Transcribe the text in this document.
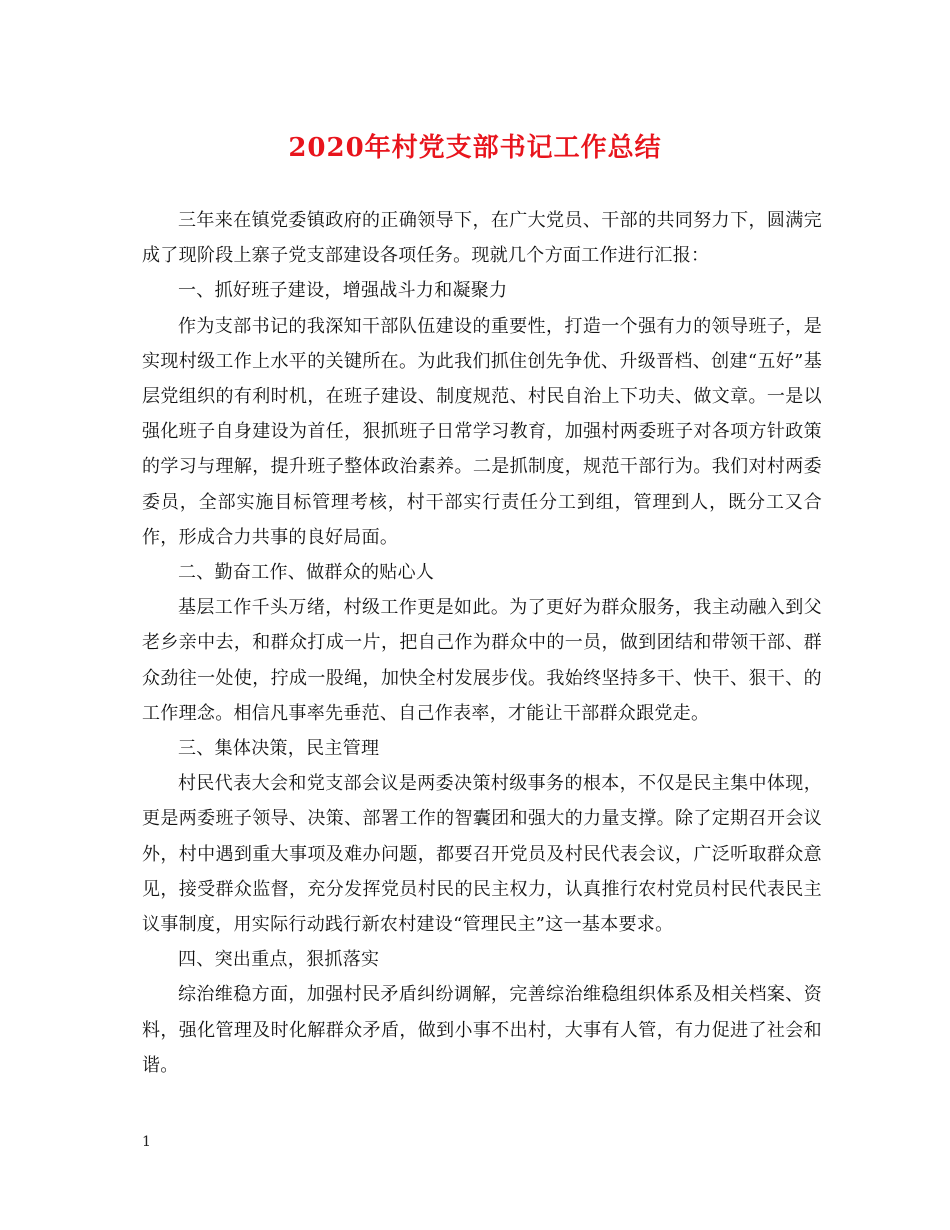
2020年村党支部书记工作总结

三年来在镇党委镇政府的正确领导下，在广大党员、干部的共同努力下，圆满完成了现阶段上寨子党支部建设各项任务。现就几个方面工作进行汇报：

一、抓好班子建设，增强战斗力和凝聚力

作为支部书记的我深知干部队伍建设的重要性，打造一个强有力的领导班子，是实现村级工作上水平的关键所在。为此我们抓住创先争优、升级晋档、创建“五好”基层党组织的有利时机，在班子建设、制度规范、村民自治上下功夫、做文章。一是以强化班子自身建设为首任，狠抓班子日常学习教育，加强村两委班子对各项方针政策的学习与理解，提升班子整体政治素养。二是抓制度，规范干部行为。我们对村两委委员，全部实施目标管理考核，村干部实行责任分工到组，管理到人，既分工又合作，形成合力共事的良好局面。

二、勤奋工作、做群众的贴心人

基层工作千头万绪，村级工作更是如此。为了更好为群众服务，我主动融入到父老乡亲中去，和群众打成一片，把自己作为群众中的一员，做到团结和带领干部、群众劲往一处使，拧成一股绳，加快全村发展步伐。我始终坚持多干、快干、狠干、的工作理念。相信凡事率先垂范、自己作表率，才能让干部群众跟党走。

三、集体决策，民主管理

村民代表大会和党支部会议是两委决策村级事务的根本，不仅是民主集中体现，更是两委班子领导、决策、部署工作的智囊团和强大的力量支撑。除了定期召开会议外，村中遇到重大事项及难办问题，都要召开党员及村民代表会议，广泛听取群众意见，接受群众监督，充分发挥党员村民的民主权力，认真推行农村党员村民代表民主议事制度，用实际行动践行新农村建设“管理民主”这一基本要求。

四、突出重点，狠抓落实

综治维稳方面，加强村民矛盾纠纷调解，完善综治维稳组织体系及相关档案、资料，强化管理及时化解群众矛盾，做到小事不出村，大事有人管，有力促进了社会和谐。

1
